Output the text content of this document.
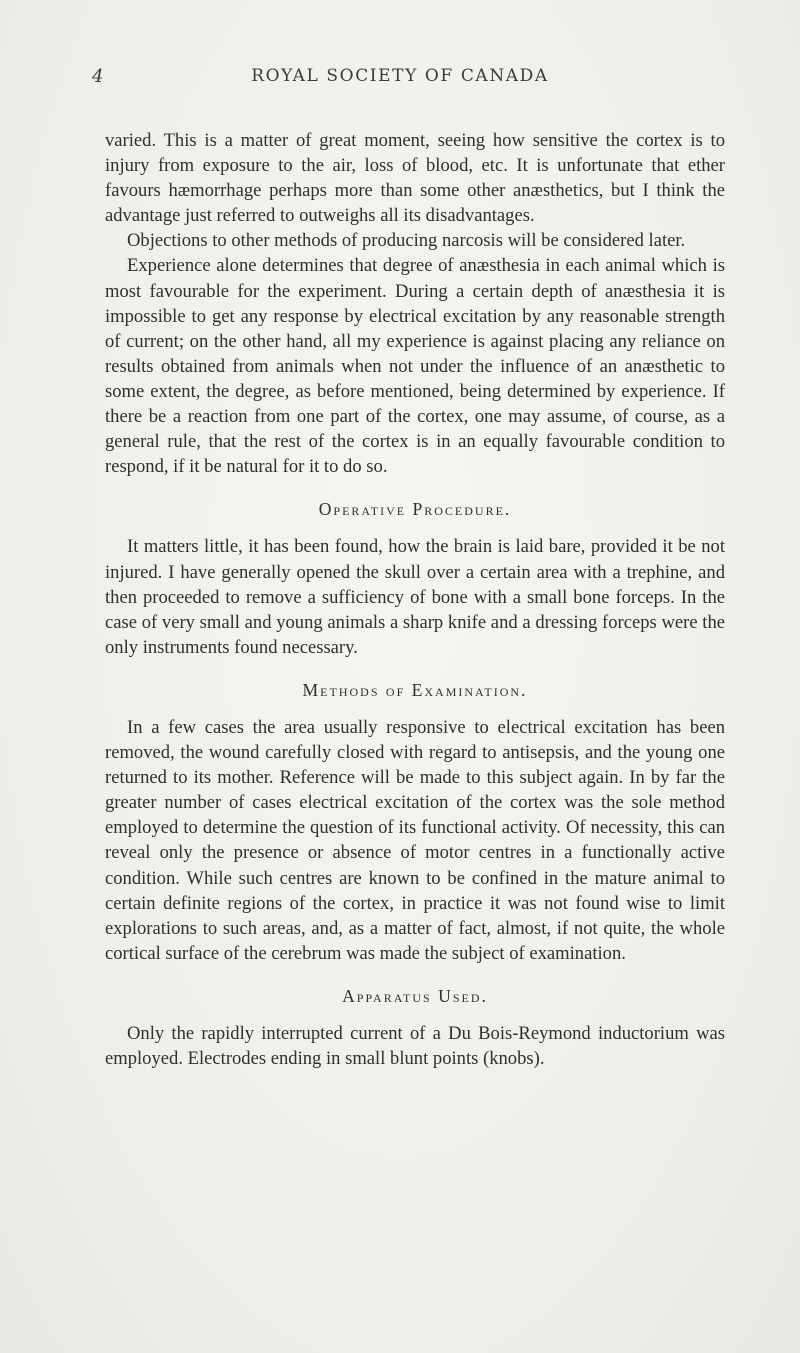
4	ROYAL SOCIETY OF CANADA

varied. This is a matter of great moment, seeing how sensitive the cortex is to injury from exposure to the air, loss of blood, etc. It is unfortunate that ether favours hæmorrhage perhaps more than some other anæsthetics, but I think the advantage just referred to outweighs all its disadvantages.

Objections to other methods of producing narcosis will be considered later.

Experience alone determines that degree of anæsthesia in each animal which is most favourable for the experiment. During a certain depth of anæsthesia it is impossible to get any response by electrical excitation by any reasonable strength of current; on the other hand, all my experience is against placing any reliance on results obtained from animals when not under the influence of an anæsthetic to some extent, the degree, as before mentioned, being determined by experience. If there be a reaction from one part of the cortex, one may assume, of course, as a general rule, that the rest of the cortex is in an equally favourable condition to respond, if it be natural for it to do so.

Operative Procedure.

It matters little, it has been found, how the brain is laid bare, provided it be not injured. I have generally opened the skull over a certain area with a trephine, and then proceeded to remove a sufficiency of bone with a small bone forceps. In the case of very small and young animals a sharp knife and a dressing forceps were the only instruments found necessary.

Methods of Examination.

In a few cases the area usually responsive to electrical excitation has been removed, the wound carefully closed with regard to antisepsis, and the young one returned to its mother. Reference will be made to this subject again. In by far the greater number of cases electrical excitation of the cortex was the sole method employed to determine the question of its functional activity. Of necessity, this can reveal only the presence or absence of motor centres in a functionally active condition. While such centres are known to be confined in the mature animal to certain definite regions of the cortex, in practice it was not found wise to limit explorations to such areas, and, as a matter of fact, almost, if not quite, the whole cortical surface of the cerebrum was made the subject of examination.

Apparatus Used.

Only the rapidly interrupted current of a Du Bois-Reymond inductorium was employed. Electrodes ending in small blunt points (knobs).
